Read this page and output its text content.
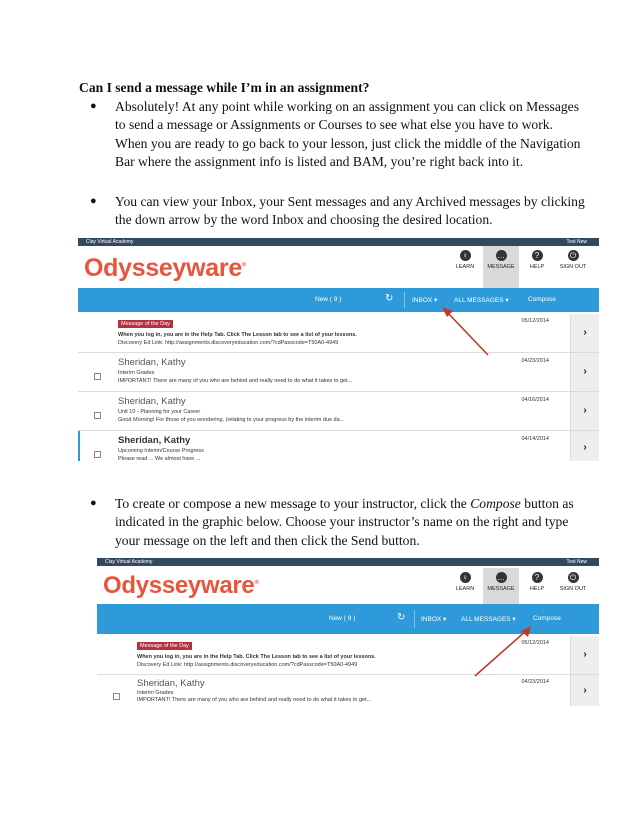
Can I send a message while I’m in an assignment?
● Absolutely! At any point while working on an assignment you can click on Messages to send a message or Assignments or Courses to see what else you have to work. When you are ready to go back to your lesson, just click the middle of the Navigation Bar where the assignment info is listed and BAM, you’re right back into it.
● You can view your Inbox, your Sent messages and any Archived messages by clicking the down arrow by the word Inbox and choosing the desired location.
Clay Virtual Academy	Test New
Odysseyware®
♀
LEARN
…
MESSAGE
?
HELP
⏻
SIGN OUT
New ( 9 )	↻	INBOX ▾	ALL MESSAGES ▾	Compose
Message of the Day
When you log in, you are in the Help Tab. Click The Lesson tab to see a list of your lessons.
Discovery Ed Link: http://assignments.discoveryeducation.com/?cdPasscode=T50A0-4949
05/12/2014
›
Sheridan, Kathy
Interim Grades
IMPORTANT! There are many of you who are behind and really need to do what it takes to get...
04/23/2014
›
Sheridan, Kathy
Unit 10 - Planning for your Career
Good Morning! For those of you wondering, (relating to your progress by the interim due da...
04/16/2014
›
Sheridan, Kathy
Upcoming Interim/Course Progress
Please read ... We almost have ...
04/14/2014
›
● To create or compose a new message to your instructor, click the Compose button as indicated in the graphic below. Choose your instructor’s name on the right and type your message on the left and then click the Send button.
Clay Virtual Academy	Test New
Odysseyware®
♀
LEARN
…
MESSAGE
?
HELP
⏻
SIGN OUT
New ( 9 )	↻ INBOX ▾ ALL MESSAGES ▾	Compose
Message of the Day
When you log in, you are in the Help Tab. Click The Lesson tab to see a list of your lessons.
Discovery Ed Link: http://assignments.discoveryeducation.com/?cdPasscode=T50A0-4949
05/12/2014
›
Sheridan, Kathy
Interim Grades
IMPORTANT! There are many of you who are behind and really need to do what it takes to get...
04/23/2014
›
